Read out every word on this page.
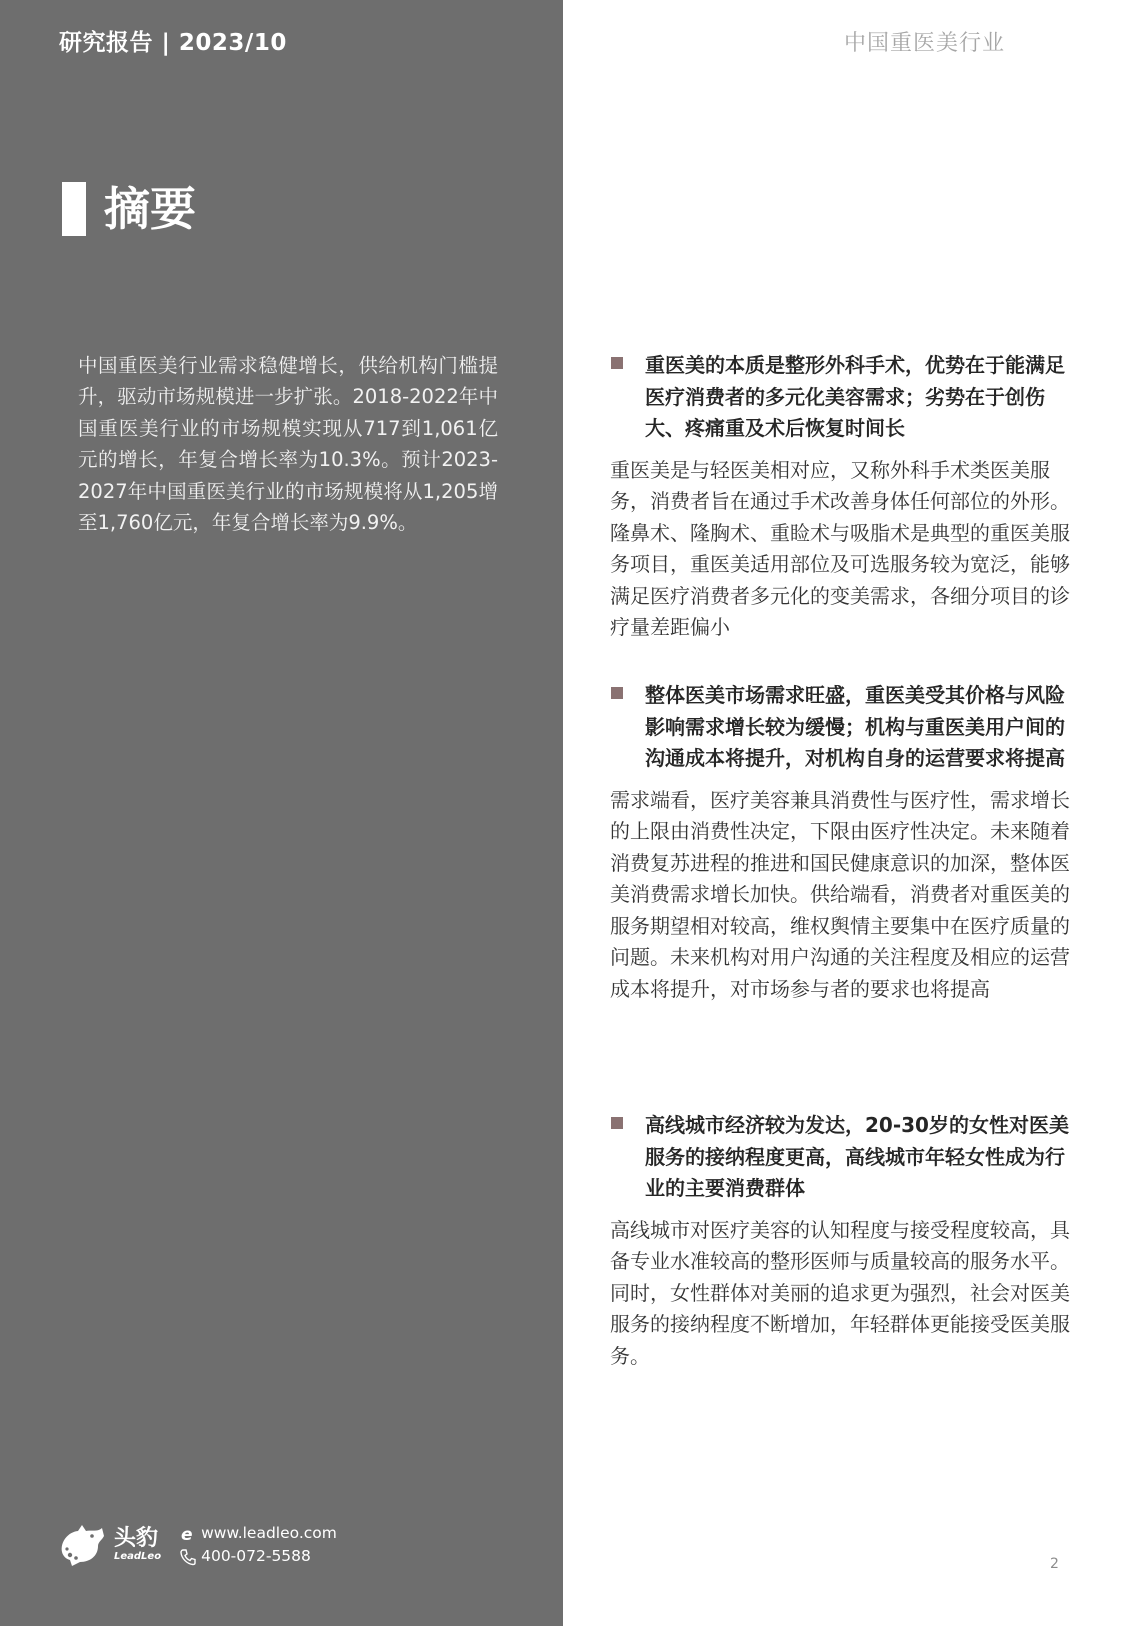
研究报告 | 2023/10
摘要

中国重医美行业需求稳健增长，供给机构门槛提升，驱动市场规模进一步扩张。2018-2022年中国重医美行业的市场规模实现从717到1,061亿元的增长，年复合增长率为10.3%。预计2023-2027年中国重医美行业的市场规模将从1,205增至1,760亿元，年复合增长率为9.9%。

头豹
LeadLeo
e www.leadleo.com
400-072-5588
中国重医美行业

重医美的本质是整形外科手术，优势在于能满足医疗消费者的多元化美容需求；劣势在于创伤大、疼痛重及术后恢复时间长

重医美是与轻医美相对应，又称外科手术类医美服务，消费者旨在通过手术改善身体任何部位的外形。隆鼻术、隆胸术、重睑术与吸脂术是典型的重医美服务项目，重医美适用部位及可选服务较为宽泛，能够满足医疗消费者多元化的变美需求，各细分项目的诊疗量差距偏小

整体医美市场需求旺盛，重医美受其价格与风险影响需求增长较为缓慢；机构与重医美用户间的沟通成本将提升，对机构自身的运营要求将提高

需求端看，医疗美容兼具消费性与医疗性，需求增长的上限由消费性决定，下限由医疗性决定。未来随着消费复苏进程的推进和国民健康意识的加深，整体医美消费需求增长加快。供给端看，消费者对重医美的服务期望相对较高，维权舆情主要集中在医疗质量的问题。未来机构对用户沟通的关注程度及相应的运营成本将提升，对市场参与者的要求也将提高

高线城市经济较为发达，20-30岁的女性对医美服务的接纳程度更高，高线城市年轻女性成为行业的主要消费群体

高线城市对医疗美容的认知程度与接受程度较高，具备专业水准较高的整形医师与质量较高的服务水平。同时，女性群体对美丽的追求更为强烈，社会对医美服务的接纳程度不断增加，年轻群体更能接受医美服务。

2
